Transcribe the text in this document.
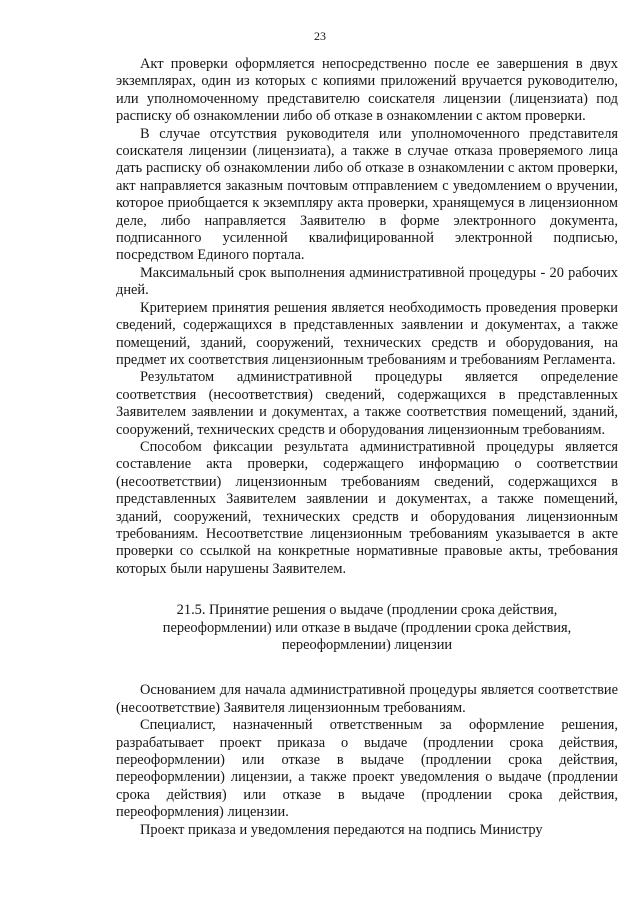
23

Акт проверки оформляется непосредственно после ее завершения в двух экземплярах, один из которых с копиями приложений вручается руководителю, или уполномоченному представителю соискателя лицензии (лицензиата) под расписку об ознакомлении либо об отказе в ознакомлении с актом проверки.

В случае отсутствия руководителя или уполномоченного представителя соискателя лицензии (лицензиата), а также в случае отказа проверяемого лица дать расписку об ознакомлении либо об отказе в ознакомлении с актом проверки, акт направляется заказным почтовым отправлением с уведомлением о вручении, которое приобщается к экземпляру акта проверки, хранящемуся в лицензионном деле, либо направляется Заявителю в форме электронного документа, подписанного усиленной квалифицированной электронной подписью, посредством Единого портала.

Максимальный срок выполнения административной процедуры - 20 рабочих дней.

Критерием принятия решения является необходимость проведения проверки сведений, содержащихся в представленных заявлении и документах, а также помещений, зданий, сооружений, технических средств и оборудования, на предмет их соответствия лицензионным требованиям и требованиям Регламента.

Результатом административной процедуры является определение соответствия (несоответствия) сведений, содержащихся в представленных Заявителем заявлении и документах, а также соответствия помещений, зданий, сооружений, технических средств и оборудования лицензионным требованиям.

Способом фиксации результата административной процедуры является составление акта проверки, содержащего информацию о соответствии (несоответствии) лицензионным требованиям сведений, содержащихся в представленных Заявителем заявлении и документах, а также помещений, зданий, сооружений, технических средств и оборудования лицензионным требованиям. Несоответствие лицензионным требованиям указывается в акте проверки со ссылкой на конкретные нормативные правовые акты, требования которых были нарушены Заявителем.

21.5. Принятие решения о выдаче (продлении срока действия,
переоформлении) или отказе в выдаче (продлении срока действия,
переоформлении) лицензии

Основанием для начала административной процедуры является соответствие (несоответствие) Заявителя лицензионным требованиям.

Специалист, назначенный ответственным за оформление решения, разрабатывает проект приказа о выдаче (продлении срока действия, переоформлении) или отказе в выдаче (продлении срока действия, переоформлении) лицензии, а также проект уведомления о выдаче (продлении срока действия) или отказе в выдаче (продлении срока действия, переоформления) лицензии.

Проект приказа и уведомления передаются на подпись Министру
